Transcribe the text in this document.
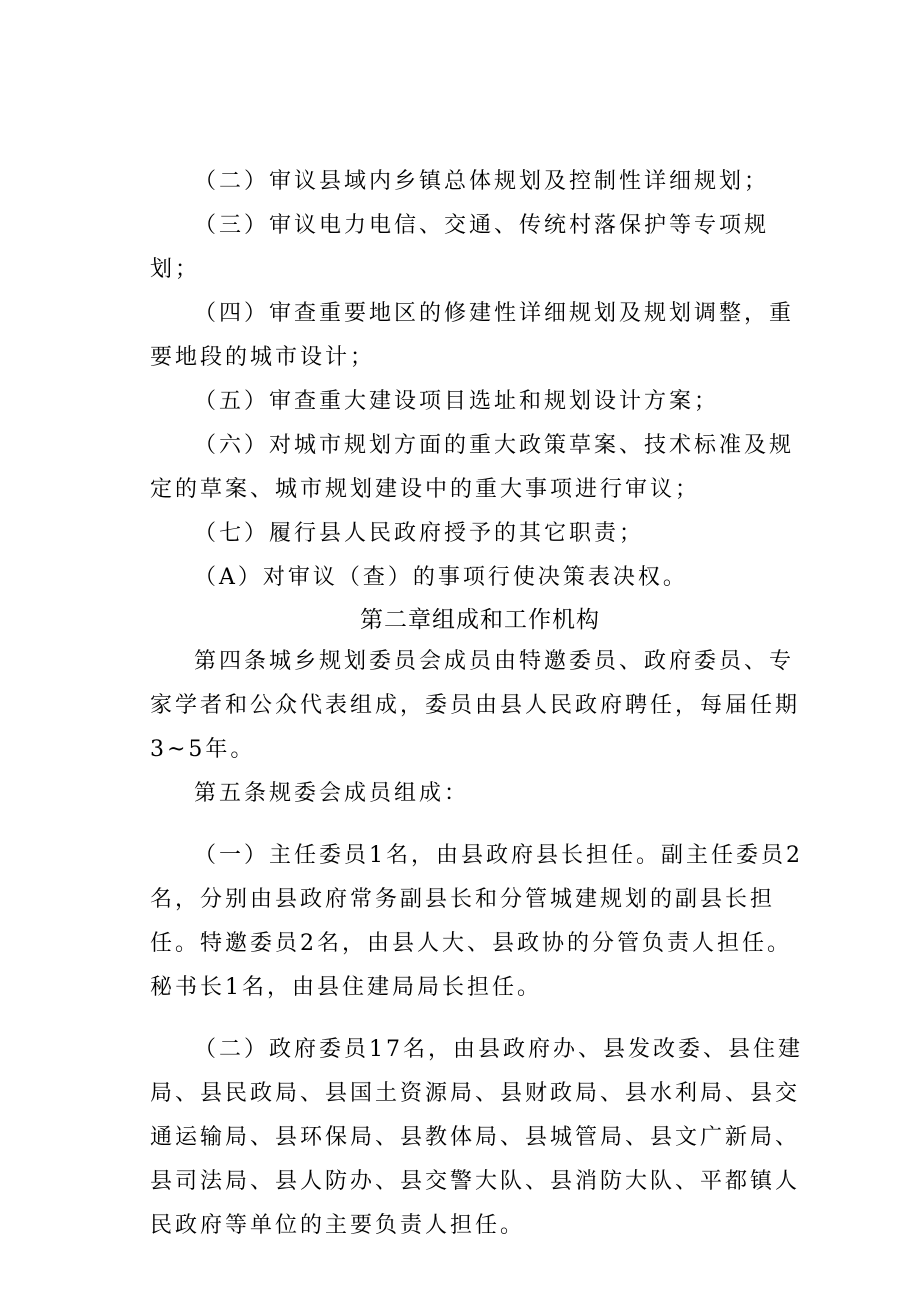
（二）审议县域内乡镇总体规划及控制性详细规划；

（三）审议电力电信、交通、传统村落保护等专项规划；

（四）审查重要地区的修建性详细规划及规划调整，重要地段的城市设计；

（五）审查重大建设项目选址和规划设计方案；

（六）对城市规划方面的重大政策草案、技术标准及规定的草案、城市规划建设中的重大事项进行审议；

（七）履行县人民政府授予的其它职责；

（A）对审议（查）的事项行使决策表决权。

第二章组成和工作机构

第四条城乡规划委员会成员由特邀委员、政府委员、专家学者和公众代表组成，委员由县人民政府聘任，每届任期3~5年。

第五条规委会成员组成：

（一）主任委员1名，由县政府县长担任。副主任委员2名，分别由县政府常务副县长和分管城建规划的副县长担任。特邀委员2名，由县人大、县政协的分管负责人担任。秘书长1名，由县住建局局长担任。

（二）政府委员17名，由县政府办、县发改委、县住建局、县民政局、县国土资源局、县财政局、县水利局、县交通运输局、县环保局、县教体局、县城管局、县文广新局、县司法局、县人防办、县交警大队、县消防大队、平都镇人民政府等单位的主要负责人担任。
